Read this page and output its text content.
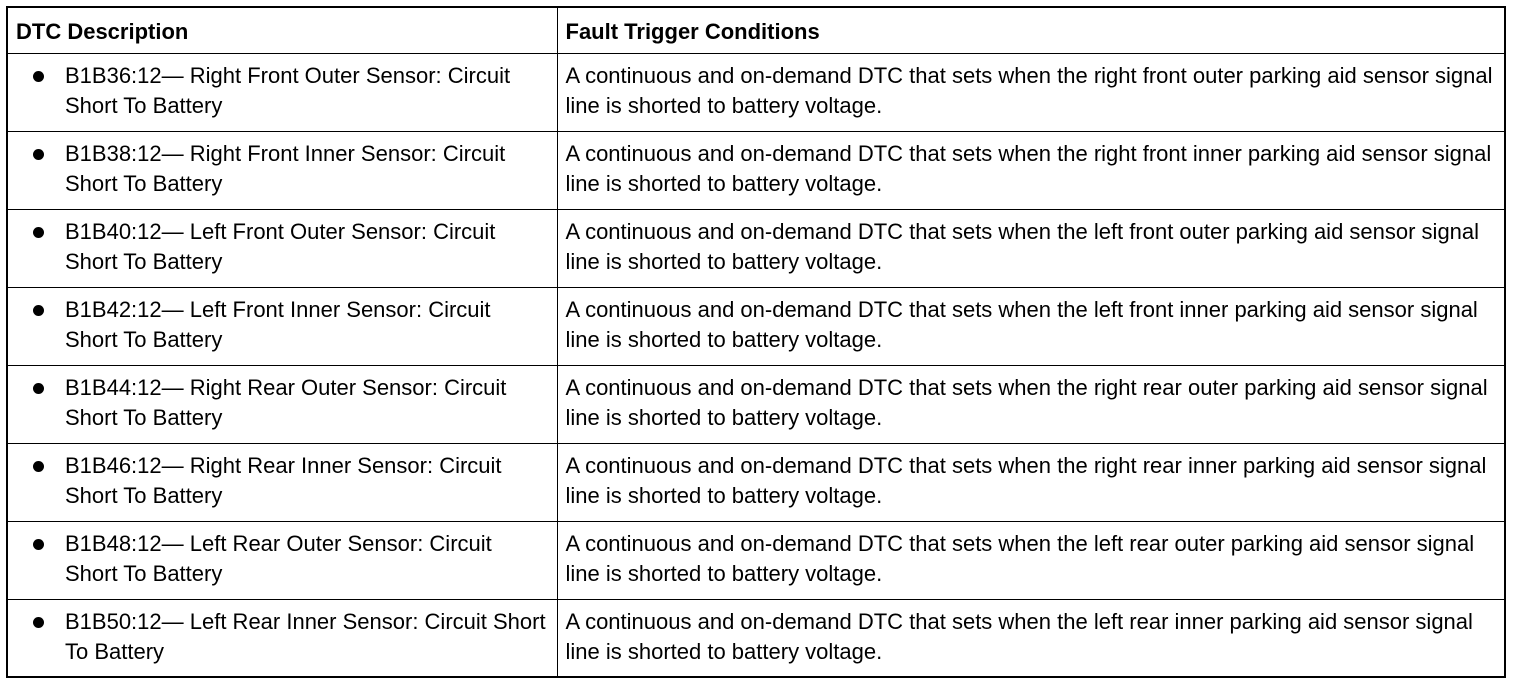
DTC Description	Fault Trigger Conditions

B1B36:12— Right Front Outer Sensor: Circuit Short To Battery	A continuous and on-demand DTC that sets when the right front outer parking aid sensor signal line is shorted to battery voltage.

B1B38:12— Right Front Inner Sensor: Circuit Short To Battery	A continuous and on-demand DTC that sets when the right front inner parking aid sensor signal line is shorted to battery voltage.

B1B40:12— Left Front Outer Sensor: Circuit Short To Battery	A continuous and on-demand DTC that sets when the left front outer parking aid sensor signal line is shorted to battery voltage.

B1B42:12— Left Front Inner Sensor: Circuit Short To Battery	A continuous and on-demand DTC that sets when the left front inner parking aid sensor signal line is shorted to battery voltage.

B1B44:12— Right Rear Outer Sensor: Circuit Short To Battery	A continuous and on-demand DTC that sets when the right rear outer parking aid sensor signal line is shorted to battery voltage.

B1B46:12— Right Rear Inner Sensor: Circuit Short To Battery	A continuous and on-demand DTC that sets when the right rear inner parking aid sensor signal line is shorted to battery voltage.

B1B48:12— Left Rear Outer Sensor: Circuit Short To Battery	A continuous and on-demand DTC that sets when the left rear outer parking aid sensor signal line is shorted to battery voltage.

B1B50:12— Left Rear Inner Sensor: Circuit Short To Battery	A continuous and on-demand DTC that sets when the left rear inner parking aid sensor signal line is shorted to battery voltage.
